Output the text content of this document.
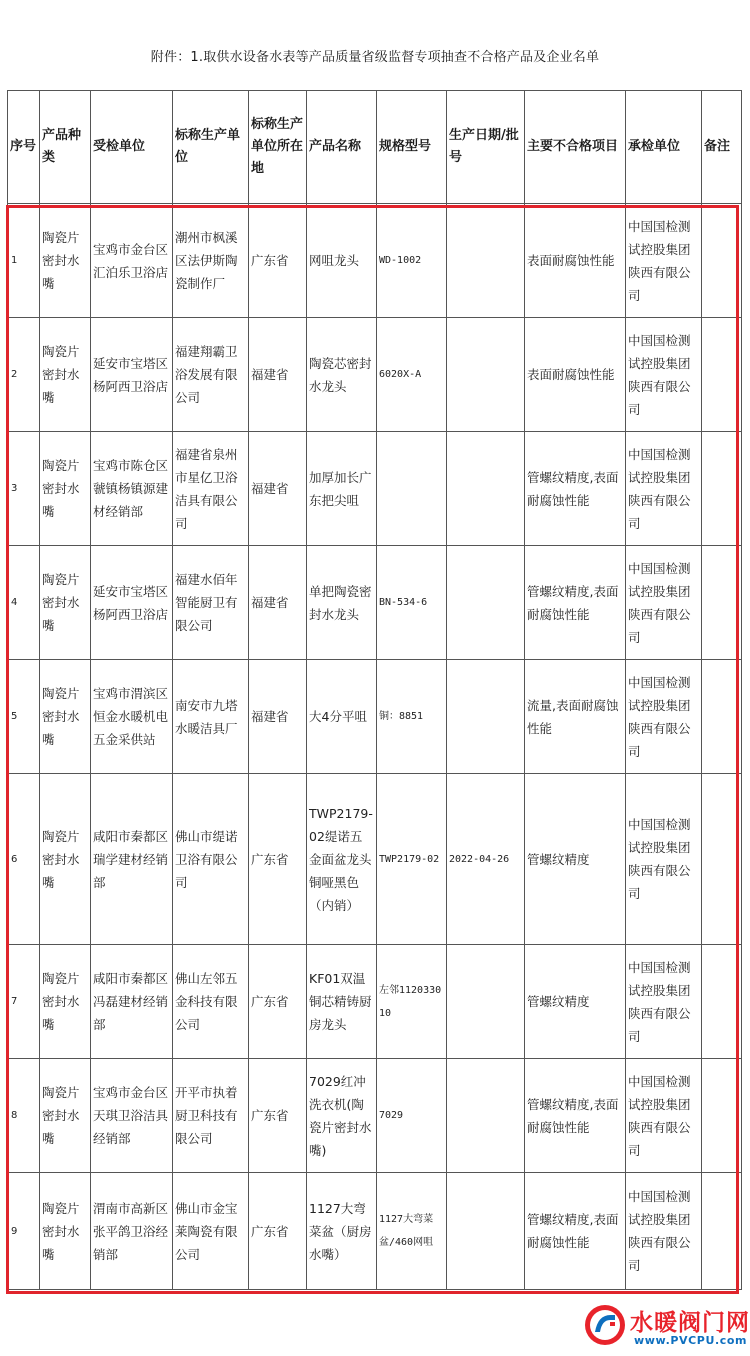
附件：1.取供水设备水表等产品质量省级监督专项抽查不合格产品及企业名单
序号	产品种类	受检单位	标称生产单位	标称生产单位所在地	产品名称	规格型号	生产日期/批号	主要不合格项目	承检单位	备注
1	陶瓷片密封水嘴	宝鸡市金台区汇泊乐卫浴店	潮州市枫溪区法伊斯陶瓷制作厂	广东省	网咀龙头	WD-1002		表面耐腐蚀性能	中国国检测试控股集团陕西有限公司	
2	陶瓷片密封水嘴	延安市宝塔区杨阿西卫浴店	福建翔霸卫浴发展有限公司	福建省	陶瓷芯密封水龙头	6020X-A		表面耐腐蚀性能	中国国检测试控股集团陕西有限公司	
3	陶瓷片密封水嘴	宝鸡市陈仓区虢镇杨镇源建材经销部	福建省泉州市星亿卫浴洁具有限公司	福建省	加厚加长广东把尖咀			管螺纹精度,表面耐腐蚀性能	中国国检测试控股集团陕西有限公司	
4	陶瓷片密封水嘴	延安市宝塔区杨阿西卫浴店	福建水佰年智能厨卫有限公司	福建省	单把陶瓷密封水龙头	BN-534-6		管螺纹精度,表面耐腐蚀性能	中国国检测试控股集团陕西有限公司	
5	陶瓷片密封水嘴	宝鸡市渭滨区恒金水暖机电五金采供站	南安市九塔水暖洁具厂	福建省	大4分平咀	铜：8851		流量,表面耐腐蚀性能	中国国检测试控股集团陕西有限公司	
6	陶瓷片密封水嘴	咸阳市秦都区瑞学建材经销部	佛山市缇诺卫浴有限公司	广东省	TWP2179-02缇诺五金面盆龙头铜哑黑色（内销）	TWP2179-02	2022-04-26	管螺纹精度	中国国检测试控股集团陕西有限公司	
7	陶瓷片密封水嘴	咸阳市秦都区冯磊建材经销部	佛山左邻五金科技有限公司	广东省	KF01双温铜芯精铸厨房龙头	左邻112033010		管螺纹精度	中国国检测试控股集团陕西有限公司	
8	陶瓷片密封水嘴	宝鸡市金台区天琪卫浴洁具经销部	开平市执着厨卫科技有限公司	广东省	7029红冲洗衣机(陶瓷片密封水嘴)	7029		管螺纹精度,表面耐腐蚀性能	中国国检测试控股集团陕西有限公司	
9	陶瓷片密封水嘴	渭南市高新区张平鸽卫浴经销部	佛山市金宝莱陶瓷有限公司	广东省	1127大弯菜盆（厨房水嘴）	1127大弯菜盆/460网咀		管螺纹精度,表面耐腐蚀性能	中国国检测试控股集团陕西有限公司	
水暖阀门网
www.PVCPU.com
